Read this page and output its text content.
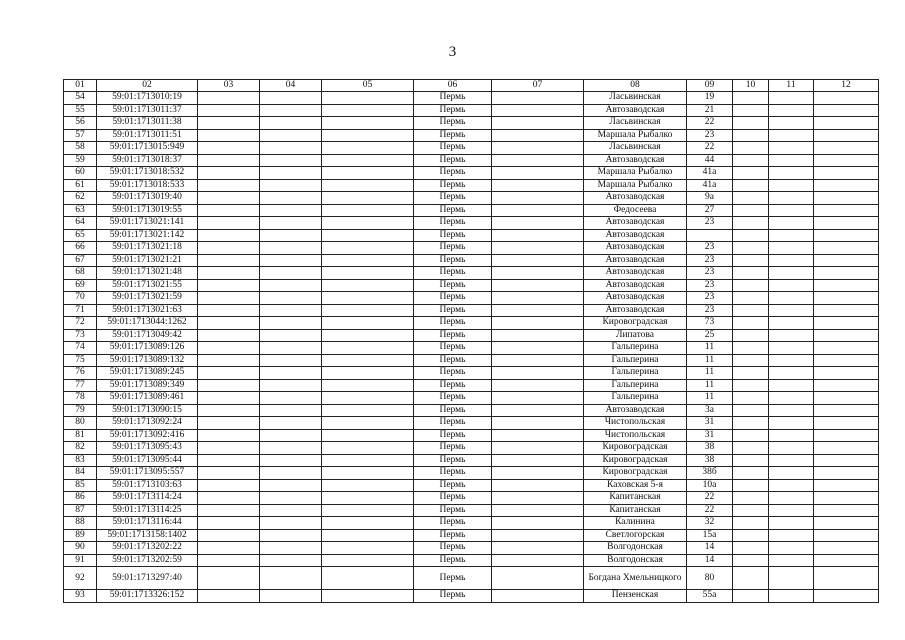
3
01	02	03	04	05	06	07	08	09	10	11	12
54	59:01:1713010:19				Пермь		Ласьвинская	19			
55	59:01:1713011:37				Пермь		Автозаводская	21			
56	59:01:1713011:38				Пермь		Ласьвинская	22			
57	59:01:1713011:51				Пермь		Маршала Рыбалко	23			
58	59:01:1713015:949				Пермь		Ласьвинская	22			
59	59:01:1713018:37				Пермь		Автозаводская	44			
60	59:01:1713018:532				Пермь		Маршала Рыбалко	41а			
61	59:01:1713018:533				Пермь		Маршала Рыбалко	41а			
62	59:01:1713019:40				Пермь		Автозаводская	9а			
63	59:01:1713019:55				Пермь		Федосеева	27			
64	59:01:1713021:141				Пермь		Автозаводская	23			
65	59:01:1713021:142				Пермь		Автозаводская				
66	59:01:1713021:18				Пермь		Автозаводская	23			
67	59:01:1713021:21				Пермь		Автозаводская	23			
68	59:01:1713021:48				Пермь		Автозаводская	23			
69	59:01:1713021:55				Пермь		Автозаводская	23			
70	59:01:1713021:59				Пермь		Автозаводская	23			
71	59:01:1713021:63				Пермь		Автозаводская	23			
72	59:01:1713044:1262				Пермь		Кировоградская	73			
73	59:01:1713049:42				Пермь		Липатова	25			
74	59:01:1713089:126				Пермь		Гальперина	11			
75	59:01:1713089:132				Пермь		Гальперина	11			
76	59:01:1713089:245				Пермь		Гальперина	11			
77	59:01:1713089:349				Пермь		Гальперина	11			
78	59:01:1713089:461				Пермь		Гальперина	11			
79	59:01:1713090:15				Пермь		Автозаводская	3а			
80	59:01:1713092:24				Пермь		Чистопольская	31			
81	59:01:1713092:416				Пермь		Чистопольская	31			
82	59:01:1713095:43				Пермь		Кировоградская	38			
83	59:01:1713095:44				Пермь		Кировоградская	38			
84	59:01:1713095:557				Пермь		Кировоградская	38б			
85	59:01:1713103:63				Пермь		Каховская 5-я	10а			
86	59:01:1713114:24				Пермь		Капитанская	22			
87	59:01:1713114:25				Пермь		Капитанская	22			
88	59:01:1713116:44				Пермь		Калинина	32			
89	59:01:1713158:1402				Пермь		Светлогорская	15а			
90	59:01:1713202:22				Пермь		Волгодонская	14			
91	59:01:1713202:59				Пермь		Волгодонская	14			
92	59:01:1713297:40				Пермь		Богдана Хмельницкого	80			
93	59:01:1713326:152				Пермь		Пензенская	55а			
